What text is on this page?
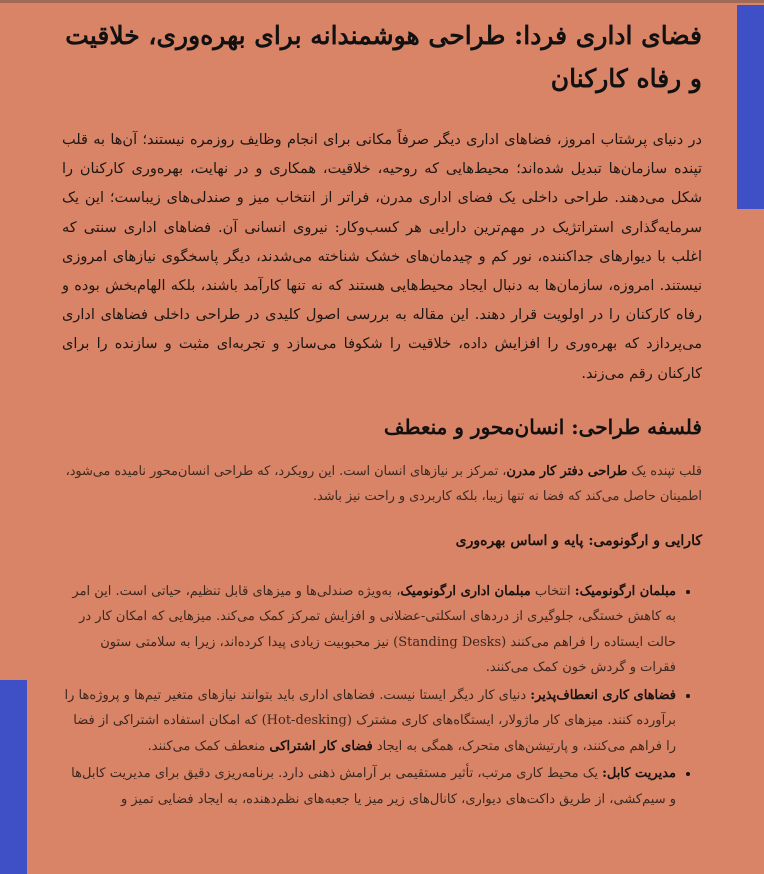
فضای اداری فردا: طراحی هوشمندانه برای بهره‌وری، خلاقیت و رفاه کارکنان

در دنیای پرشتاب امروز، فضاهای اداری دیگر صرفاً مکانی برای انجام وظایف روزمره نیستند؛ آن‌ها به قلب تپنده سازمان‌ها تبدیل شده‌اند؛ محیط‌هایی که روحیه، خلاقیت، همکاری و در نهایت، بهره‌وری کارکنان را شکل می‌دهند. طراحی داخلی یک فضای اداری مدرن، فراتر از انتخاب میز و صندلی‌های زیباست؛ این یک سرمایه‌گذاری استراتژیک در مهم‌ترین دارایی هر کسب‌وکار: نیروی انسانی آن. فضاهای اداری سنتی که اغلب با دیوارهای جداکننده، نور کم و چیدمان‌های خشک شناخته می‌شدند، دیگر پاسخگوی نیازهای امروزی نیستند. امروزه، سازمان‌ها به دنبال ایجاد محیط‌هایی هستند که نه تنها کارآمد باشند، بلکه الهام‌بخش بوده و رفاه کارکنان را در اولویت قرار دهند. این مقاله به بررسی اصول کلیدی در طراحی داخلی فضاهای اداری می‌پردازد که بهره‌وری را افزایش داده، خلاقیت را شکوفا می‌سازد و تجربه‌ای مثبت و سازنده را برای کارکنان رقم می‌زند.

فلسفه طراحی: انسان‌محور و منعطف

قلب تپنده یک طراحی دفتر کار مدرن، تمرکز بر نیازهای انسان است. این رویکرد، که طراحی انسان‌محور نامیده می‌شود، اطمینان حاصل می‌کند که فضا نه تنها زیبا، بلکه کاربردی و راحت نیز باشد.

کارایی و ارگونومی: پایه و اساس بهره‌وری
• مبلمان ارگونومیک: انتخاب مبلمان اداری ارگونومیک، به‌ویژه صندلی‌ها و میزهای قابل تنظیم، حیاتی است. این امر به کاهش خستگی، جلوگیری از دردهای اسکلتی-عضلانی و افزایش تمرکز کمک می‌کند. میزهایی که امکان کار در حالت ایستاده را فراهم می‌کنند (Standing Desks) نیز محبوبیت زیادی پیدا کرده‌اند، زیرا به سلامتی ستون فقرات و گردش خون کمک می‌کنند.
• فضاهای کاری انعطاف‌پذیر: دنیای کار دیگر ایستا نیست. فضاهای اداری باید بتوانند نیازهای متغیر تیم‌ها و پروژه‌ها را برآورده کنند. میزهای کار ماژولار، ایستگاه‌های کاری مشترک (Hot-desking) که امکان استفاده اشتراکی از فضا را فراهم می‌کنند، و پارتیشن‌های متحرک، همگی به ایجاد فضای کار اشتراکی منعطف کمک می‌کنند.
• مدیریت کابل: یک محیط کاری مرتب، تأثیر مستقیمی بر آرامش ذهنی دارد. برنامه‌ریزی دقیق برای مدیریت کابل‌ها و سیم‌کشی، از طریق داکت‌های دیواری، کانال‌های زیر میز یا جعبه‌های نظم‌دهنده، به ایجاد فضایی تمیز و
